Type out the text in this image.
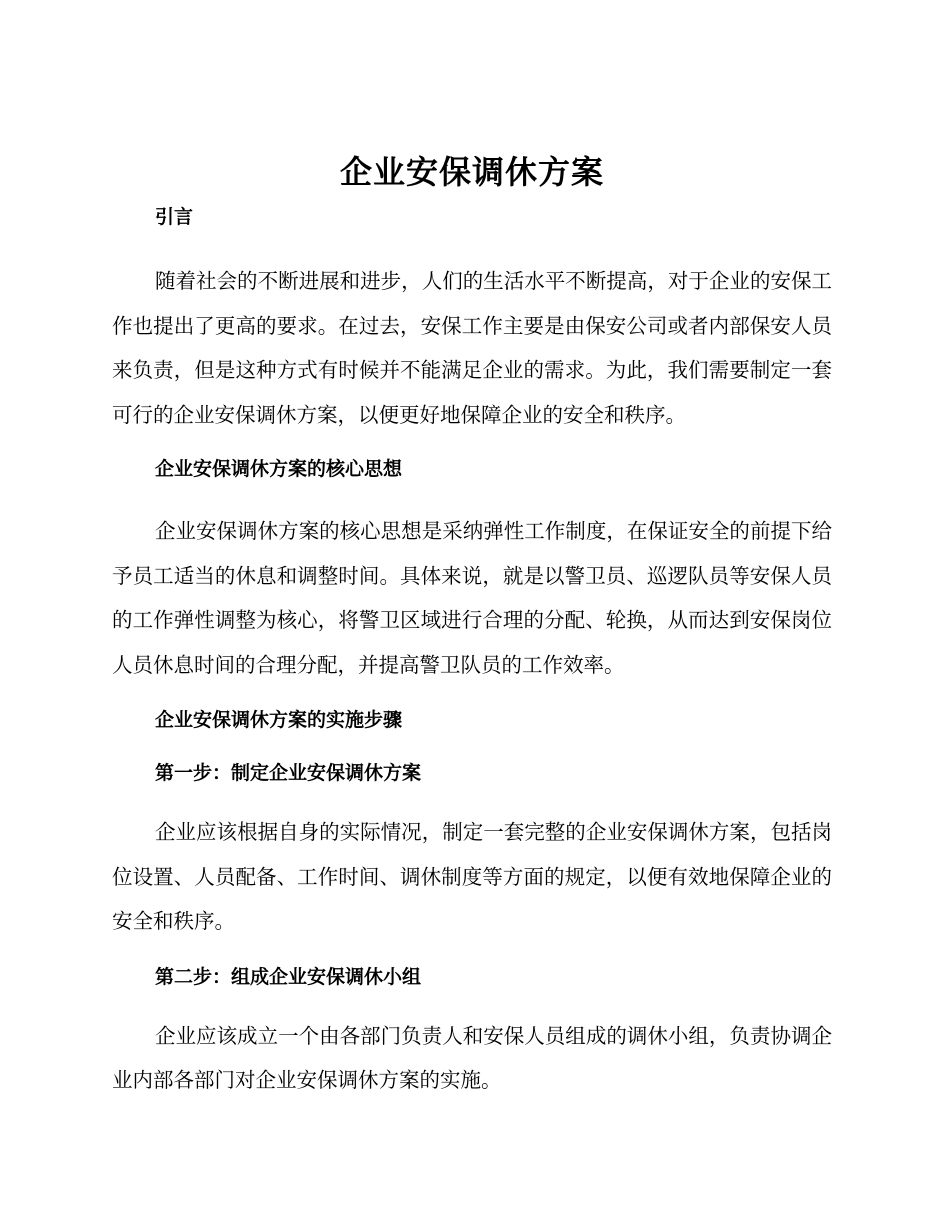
企业安保调休方案
引言

随着社会的不断进展和进步，人们的生活水平不断提高，对于企业的安保工作也提出了更高的要求。在过去，安保工作主要是由保安公司或者内部保安人员来负责，但是这种方式有时候并不能满足企业的需求。为此，我们需要制定一套可行的企业安保调休方案，以便更好地保障企业的安全和秩序。

企业安保调休方案的核心思想

企业安保调休方案的核心思想是采纳弹性工作制度，在保证安全的前提下给予员工适当的休息和调整时间。具体来说，就是以警卫员、巡逻队员等安保人员的工作弹性调整为核心，将警卫区域进行合理的分配、轮换，从而达到安保岗位人员休息时间的合理分配，并提高警卫队员的工作效率。

企业安保调休方案的实施步骤
第一步：制定企业安保调休方案

企业应该根据自身的实际情况，制定一套完整的企业安保调休方案，包括岗位设置、人员配备、工作时间、调休制度等方面的规定，以便有效地保障企业的安全和秩序。

第二步：组成企业安保调休小组

企业应该成立一个由各部门负责人和安保人员组成的调休小组，负责协调企业内部各部门对企业安保调休方案的实施。
